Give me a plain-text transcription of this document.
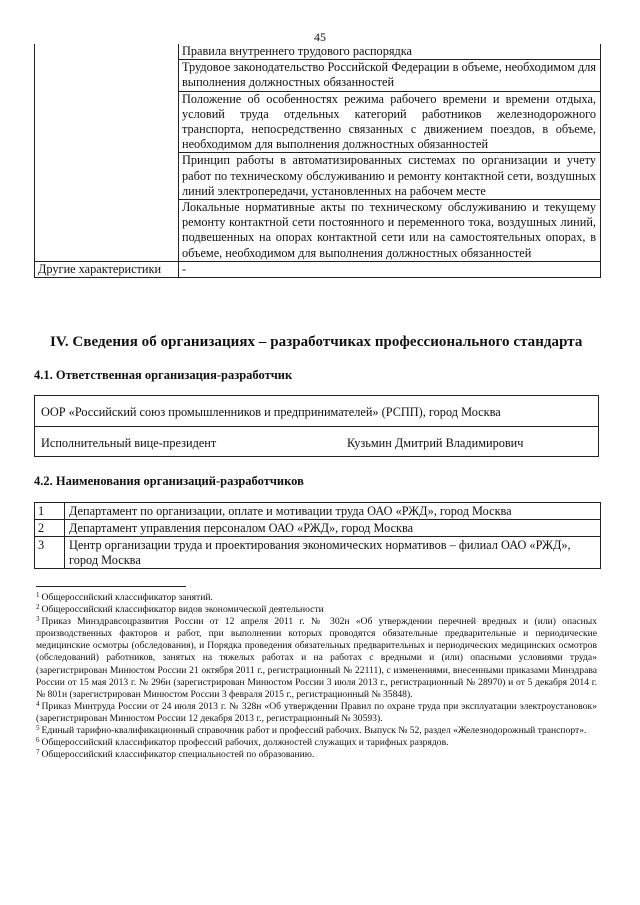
45
	Правила внутреннего трудового распорядка
	Трудовое законодательство Российской Федерации в объеме, необходимом для выполнения должностных обязанностей
	Положение об особенностях режима рабочего времени и времени отдыха, условий труда отдельных категорий работников железнодорожного транспорта, непосредственно связанных с движением поездов, в объеме, необходимом для выполнения должностных обязанностей
	Принцип работы в автоматизированных системах по организации и учету работ по техническому обслуживанию и ремонту контактной сети, воздушных линий электропередачи, установленных на рабочем месте
	Локальные нормативные акты по техническому обслуживанию и текущему ремонту контактной сети постоянного и переменного тока, воздушных линий, подвешенных на опорах контактной сети или на самостоятельных опорах, в объеме, необходимом для выполнения должностных обязанностей
Другие характеристики	-
IV. Сведения об организациях – разработчиках профессионального стандарта
4.1. Ответственная организация-разработчик
ООР «Российский союз промышленников и предпринимателей» (РСПП), город Москва
Исполнительный вице-президент	Кузьмин Дмитрий Владимирович
4.2. Наименования организаций-разработчиков
1	Департамент по организации, оплате и мотивации труда ОАО «РЖД», город Москва
2	Департамент управления персоналом ОАО «РЖД», город Москва
3	Центр организации труда и проектирования экономических нормативов – филиал ОАО «РЖД», город Москва
$^1$ Общероссийский классификатор занятий.
$^2$ Общероссийский классификатор видов экономической деятельности
$^3$ Приказ Минздравсоцразвития России от 12 апреля 2011 г. № 302н «Об утверждении перечней вредных и (или) опасных производственных факторов и работ, при выполнении которых проводятся обязательные предварительные и периодические медицинские осмотры (обследования), и Порядка проведения обязательных предварительных и периодических медицинских осмотров (обследований) работников, занятых на тяжелых работах и на работах с вредными и (или) опасными условиями труда» (зарегистрирован Минюстом России 21 октября 2011 г., регистрационный № 22111), с изменениями, внесенными приказами Минздрава России от 15 мая 2013 г. № 296н (зарегистрирован Минюстом России 3 июля 2013 г., регистрационный № 28970) и от 5 декабря 2014 г. № 801н (зарегистрирован Минюстом России 3 февраля 2015 г., регистрационный № 35848).
$^4$ Приказ Минтруда России от 24 июля 2013 г. № 328н «Об утверждении Правил по охране труда при эксплуатации электроустановок» (зарегистрирован Минюстом России 12 декабря 2013 г., регистрационный № 30593).
$^5$ Единый тарифно-квалификационный справочник работ и профессий рабочих. Выпуск № 52, раздел «Железнодорожный транспорт».
$^6$ Общероссийский классификатор профессий рабочих, должностей служащих и тарифных разрядов.
$^7$ Общероссийский классификатор специальностей по образованию.
